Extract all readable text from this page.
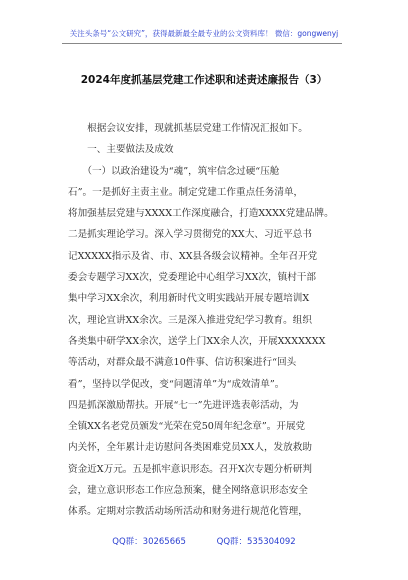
关注头条号“公文研究”，获得最新最全最专业的公文资料库！ 微信：gongwenyj
2024年度抓基层党建工作述职和述责述廉报告（3）
　　根据会议安排，现就抓基层党建工作情况汇报如下。
　　一、主要做法及成效
　　（一）以政治建设为“魂”，筑牢信念过硬“压舱
石”。一是抓好主责主业。制定党建工作重点任务清单，
将加强基层党建与XXXX工作深度融合，打造XXXX党建品牌。
二是抓实理论学习。深入学习贯彻党的XX大、习近平总书
记XXXXX指示及省、市、XX县各级会议精神。全年召开党
委会专题学习XX次，党委理论中心组学习XX次，镇村干部
集中学习XX余次，利用新时代文明实践站开展专题培训X
次，理论宣讲XX余次。三是深入推进党纪学习教育。组织
各类集中研学XX余次，送学上门XX余人次，开展XXXXXXX
等活动，对群众最不满意10件事、信访积案进行“回头
看”，坚持以学促改，变“问题清单”为“成效清单”。
四是抓深激励帮扶。开展“七一”先进评选表彰活动，为
全镇XX名老党员颁发“光荣在党50周年纪念章”。开展党
内关怀，全年累计走访慰问各类困难党员XX人，发放救助
资金近X万元。五是抓牢意识形态。召开X次专题分析研判
会，建立意识形态工作应急预案，健全网络意识形态安全
体系。定期对宗教活动场所活动和财务进行规范化管理，
QQ群：30265665	QQ群：535304092
